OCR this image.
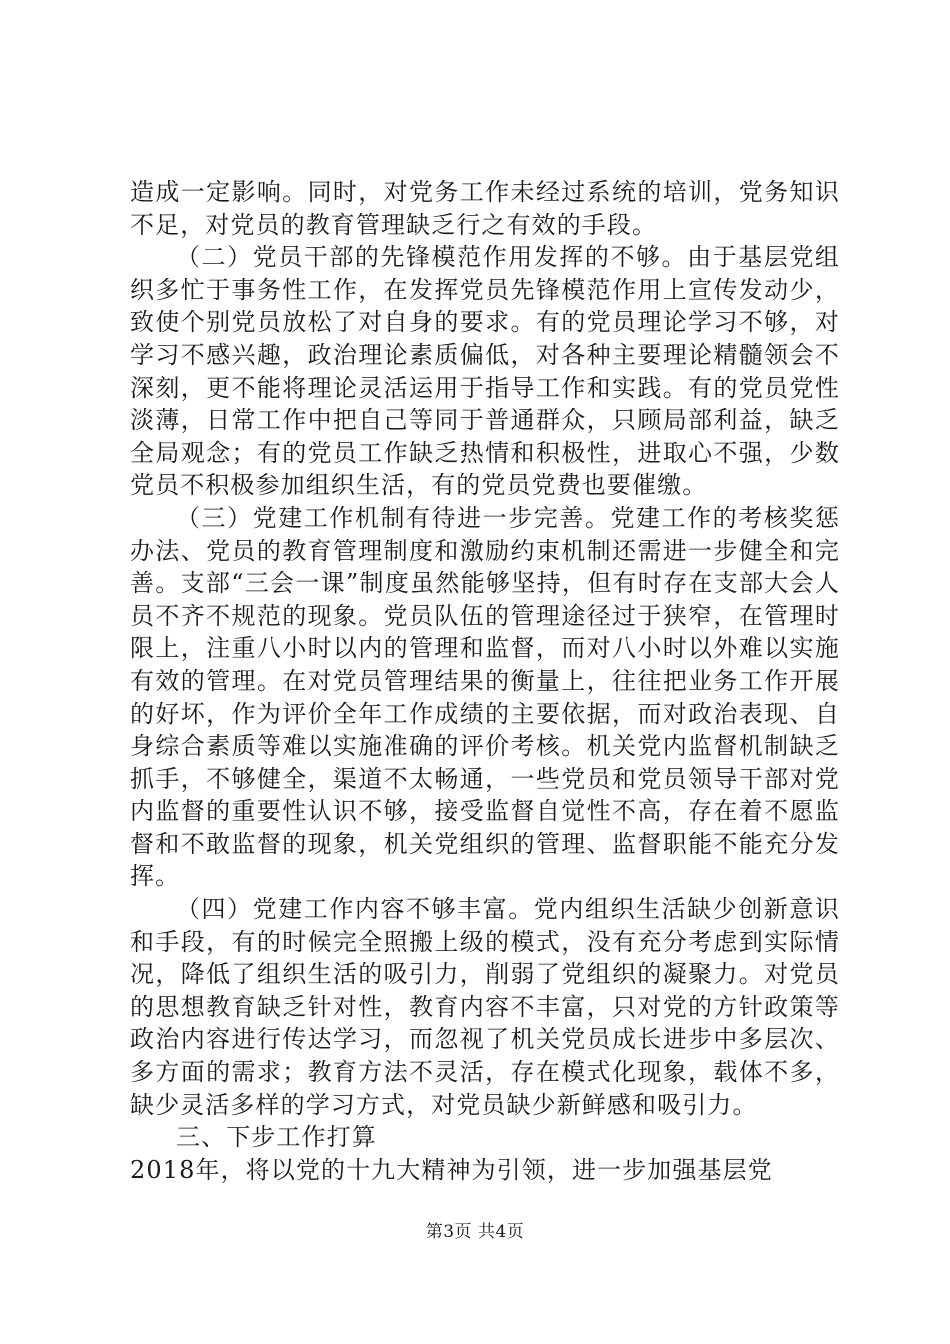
造成一定影响。同时，对党务工作未经过系统的培训，党务知识不足，对党员的教育管理缺乏行之有效的手段。

（二）党员干部的先锋模范作用发挥的不够。由于基层党组织多忙于事务性工作，在发挥党员先锋模范作用上宣传发动少，致使个别党员放松了对自身的要求。有的党员理论学习不够，对学习不感兴趣，政治理论素质偏低，对各种主要理论精髓领会不深刻，更不能将理论灵活运用于指导工作和实践。有的党员党性淡薄，日常工作中把自己等同于普通群众，只顾局部利益，缺乏全局观念；有的党员工作缺乏热情和积极性，进取心不强，少数党员不积极参加组织生活，有的党员党费也要催缴。

（三）党建工作机制有待进一步完善。党建工作的考核奖惩办法、党员的教育管理制度和激励约束机制还需进一步健全和完善。支部“三会一课”制度虽然能够坚持，但有时存在支部大会人员不齐不规范的现象。党员队伍的管理途径过于狭窄，在管理时限上，注重八小时以内的管理和监督，而对八小时以外难以实施有效的管理。在对党员管理结果的衡量上，往往把业务工作开展的好坏，作为评价全年工作成绩的主要依据，而对政治表现、自身综合素质等难以实施准确的评价考核。机关党内监督机制缺乏抓手，不够健全，渠道不太畅通，一些党员和党员领导干部对党内监督的重要性认识不够，接受监督自觉性不高，存在着不愿监督和不敢监督的现象，机关党组织的管理、监督职能不能充分发挥。

（四）党建工作内容不够丰富。党内组织生活缺少创新意识和手段，有的时候完全照搬上级的模式，没有充分考虑到实际情况，降低了组织生活的吸引力，削弱了党组织的凝聚力。对党员的思想教育缺乏针对性，教育内容不丰富，只对党的方针政策等政治内容进行传达学习，而忽视了机关党员成长进步中多层次、多方面的需求；教育方法不灵活，存在模式化现象，载体不多，缺少灵活多样的学习方式，对党员缺少新鲜感和吸引力。

三、下步工作打算

2018年，将以党的十九大精神为引领，进一步加强基层党

第3页 共4页
